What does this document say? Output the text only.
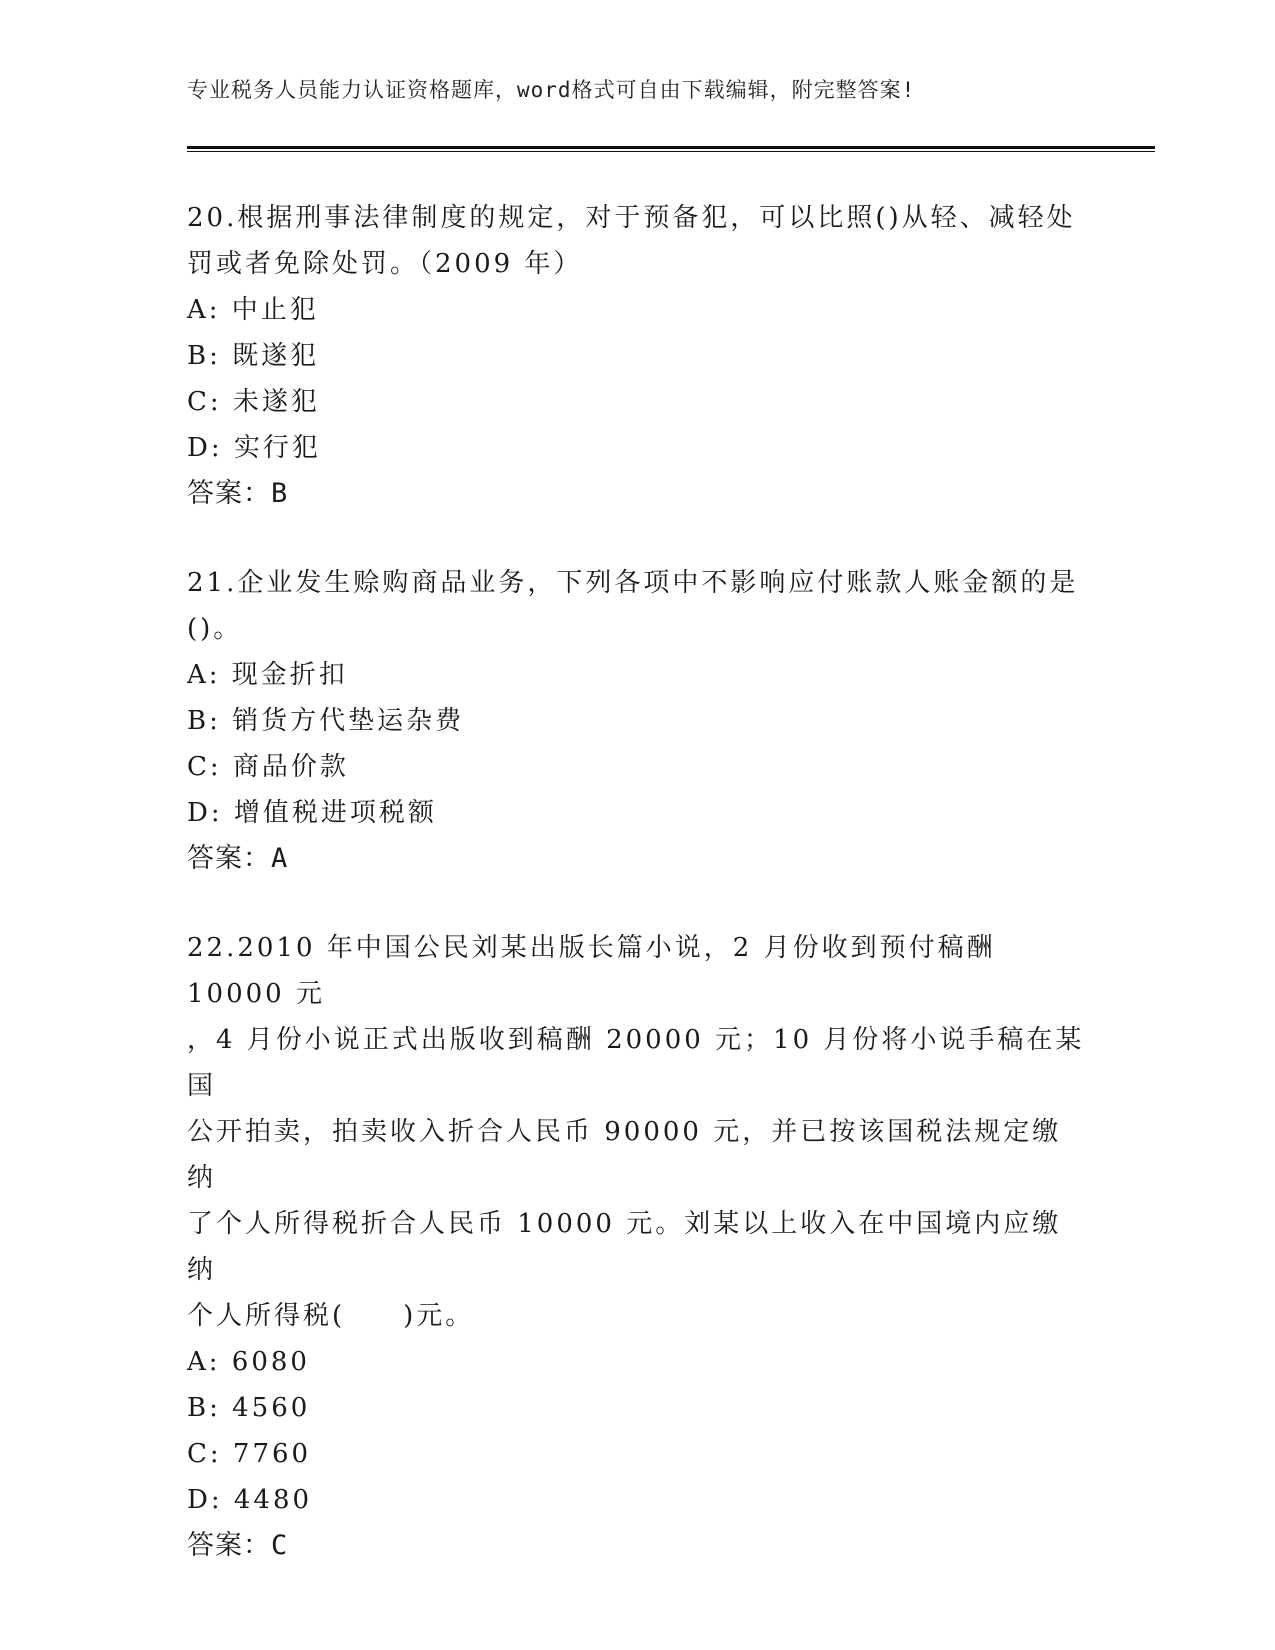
专业税务人员能力认证资格题库，word格式可自由下载编辑，附完整答案!

20.根据刑事法律制度的规定，对于预备犯，可以比照()从轻、减轻处

罚或者免除处罚。（2009 年）

A: 中止犯

B: 既遂犯

C: 未遂犯

D: 实行犯

答案：B

21.企业发生赊购商品业务，下列各项中不影响应付账款人账金额的是

()。

A: 现金折扣

B: 销货方代垫运杂费

C: 商品价款

D: 增值税进项税额

答案：A

22.2010 年中国公民刘某出版长篇小说，2 月份收到预付稿酬 10000 元

，4 月份小说正式出版收到稿酬 20000 元；10 月份将小说手稿在某国

公开拍卖，拍卖收入折合人民币 90000 元，并已按该国税法规定缴纳

了个人所得税折合人民币 10000 元。刘某以上收入在中国境内应缴纳

个人所得税(　　)元。

A: 6080

B: 4560

C: 7760

D: 4480

答案：C
